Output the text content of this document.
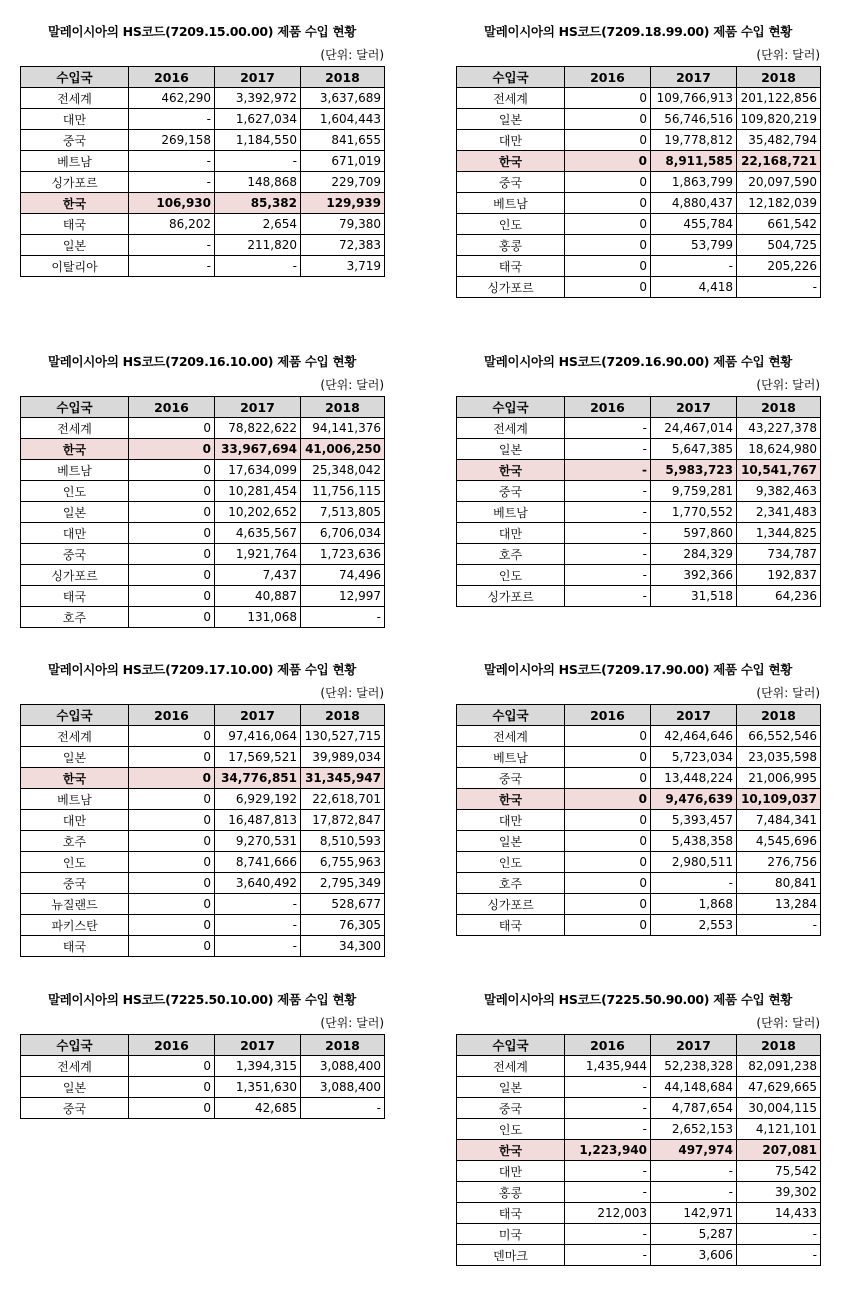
말레이시아의 HS코드(7209.15.00.00) 제품 수입 현황
(단위: 달러)
수입국	2016	2017	2018
전세계	462,290	3,392,972	3,637,689
대만	-	1,627,034	1,604,443
중국	269,158	1,184,550	841,655
베트남	-	-	671,019
싱가포르	-	148,868	229,709
한국	106,930	85,382	129,939
태국	86,202	2,654	79,380
일본	-	211,820	72,383
이탈리아	-	-	3,719
말레이시아의 HS코드(7209.18.99.00) 제품 수입 현황
(단위: 달러)
수입국	2016	2017	2018
전세계	0	109,766,913	201,122,856
일본	0	56,746,516	109,820,219
대만	0	19,778,812	35,482,794
한국	0	8,911,585	22,168,721
중국	0	1,863,799	20,097,590
베트남	0	4,880,437	12,182,039
인도	0	455,784	661,542
홍콩	0	53,799	504,725
태국	0	-	205,226
싱가포르	0	4,418	-
말레이시아의 HS코드(7209.16.10.00) 제품 수입 현황
(단위: 달러)
수입국	2016	2017	2018
전세계	0	78,822,622	94,141,376
한국	0	33,967,694	41,006,250
베트남	0	17,634,099	25,348,042
인도	0	10,281,454	11,756,115
일본	0	10,202,652	7,513,805
대만	0	4,635,567	6,706,034
중국	0	1,921,764	1,723,636
싱가포르	0	7,437	74,496
태국	0	40,887	12,997
호주	0	131,068	-
말레이시아의 HS코드(7209.16.90.00) 제품 수입 현황
(단위: 달러)
수입국	2016	2017	2018
전세계	-	24,467,014	43,227,378
일본	-	5,647,385	18,624,980
한국	-	5,983,723	10,541,767
중국	-	9,759,281	9,382,463
베트남	-	1,770,552	2,341,483
대만	-	597,860	1,344,825
호주	-	284,329	734,787
인도	-	392,366	192,837
싱가포르	-	31,518	64,236
말레이시아의 HS코드(7209.17.10.00) 제품 수입 현황
(단위: 달러)
수입국	2016	2017	2018
전세계	0	97,416,064	130,527,715
일본	0	17,569,521	39,989,034
한국	0	34,776,851	31,345,947
베트남	0	6,929,192	22,618,701
대만	0	16,487,813	17,872,847
호주	0	9,270,531	8,510,593
인도	0	8,741,666	6,755,963
중국	0	3,640,492	2,795,349
뉴질랜드	0	-	528,677
파키스탄	0	-	76,305
태국	0	-	34,300
말레이시아의 HS코드(7209.17.90.00) 제품 수입 현황
(단위: 달러)
수입국	2016	2017	2018
전세계	0	42,464,646	66,552,546
베트남	0	5,723,034	23,035,598
중국	0	13,448,224	21,006,995
한국	0	9,476,639	10,109,037
대만	0	5,393,457	7,484,341
일본	0	5,438,358	4,545,696
인도	0	2,980,511	276,756
호주	0	-	80,841
싱가포르	0	1,868	13,284
태국	0	2,553	-
말레이시아의 HS코드(7225.50.10.00) 제품 수입 현황
(단위: 달러)
수입국	2016	2017	2018
전세계	0	1,394,315	3,088,400
일본	0	1,351,630	3,088,400
중국	0	42,685	-
말레이시아의 HS코드(7225.50.90.00) 제품 수입 현황
(단위: 달러)
수입국	2016	2017	2018
전세계	1,435,944	52,238,328	82,091,238
일본	-	44,148,684	47,629,665
중국	-	4,787,654	30,004,115
인도	-	2,652,153	4,121,101
한국	1,223,940	497,974	207,081
대만	-	-	75,542
홍콩	-	-	39,302
태국	212,003	142,971	14,433
미국	-	5,287	-
덴마크	-	3,606	-
